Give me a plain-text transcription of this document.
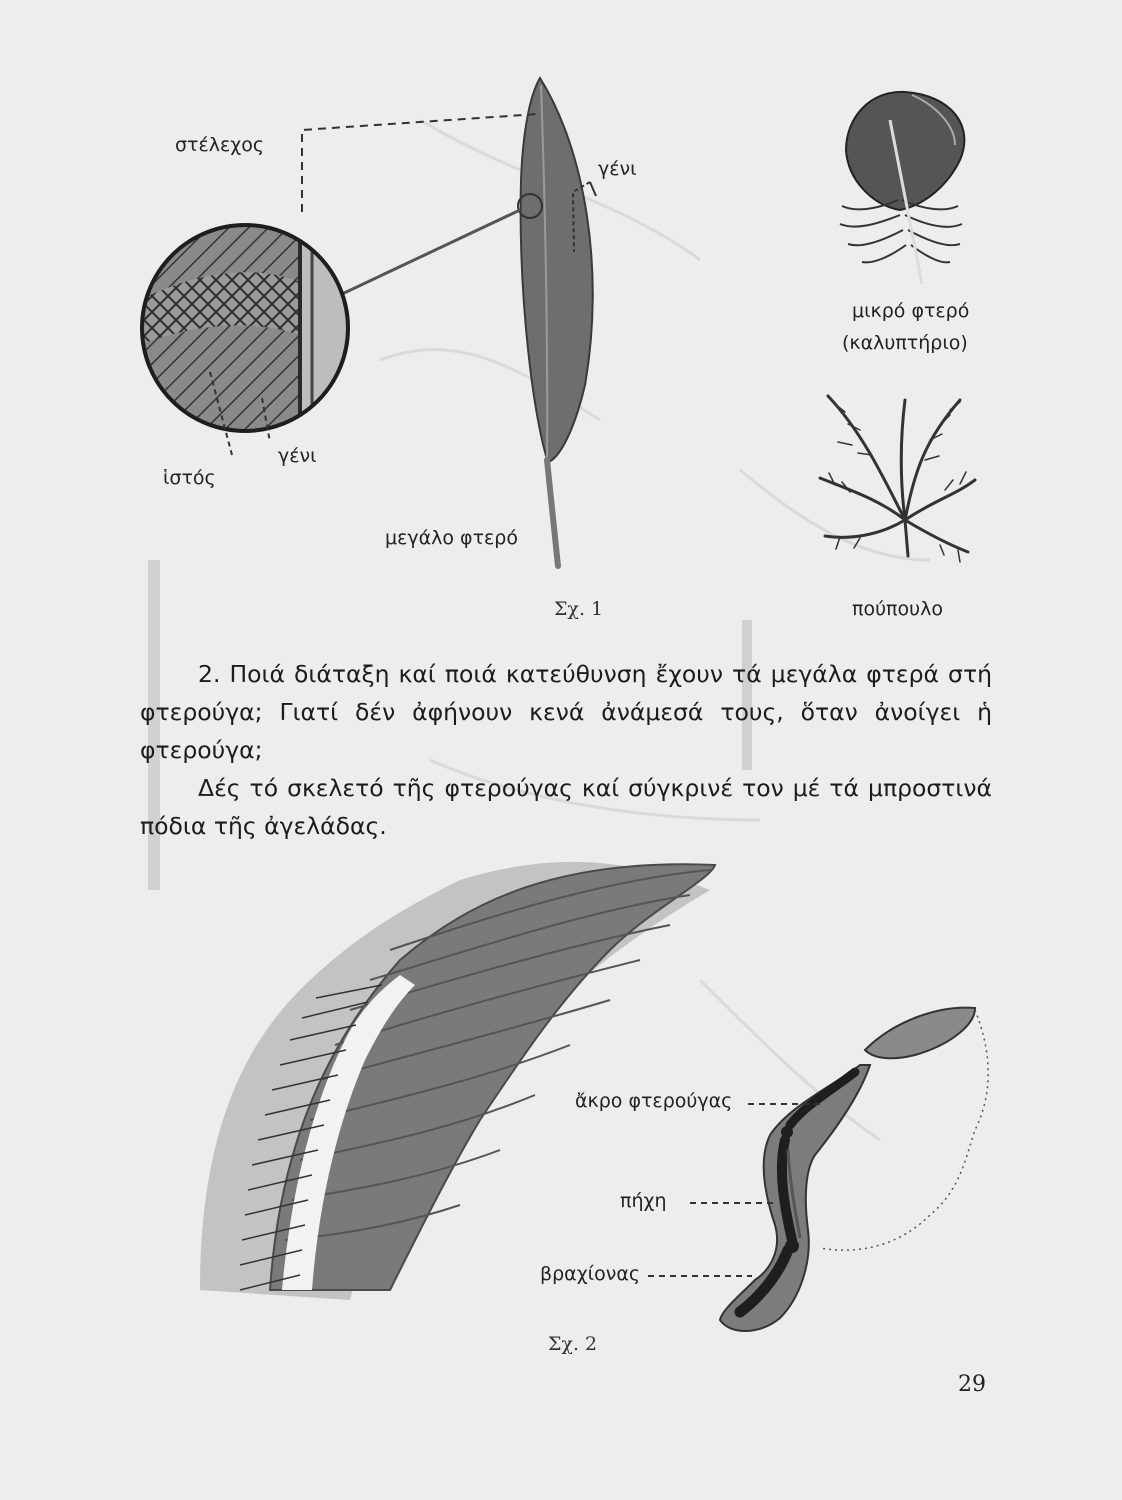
στέλεχος
γένι
γένι
ἱστός
μεγάλο φτερό
μικρό φτερό
(καλυπτήριο)
πούπουλο
Σχ. 1

2. Ποιά διάταξη καί ποιά κατεύθυνση ἔχουν τά μεγάλα φτερά στή φτερούγα; Γιατί δέν ἀφήνουν κενά ἀνάμεσά τους, ὅταν ἀνοίγει ἡ φτερούγα;

Δές τό σκελετό τῆς φτερούγας καί σύγκρινέ τον μέ τά μπροστινά πόδια τῆς ἀγελάδας.

ἄκρο φτερούγας
πήχη
βραχίονας
Σχ. 2
29
